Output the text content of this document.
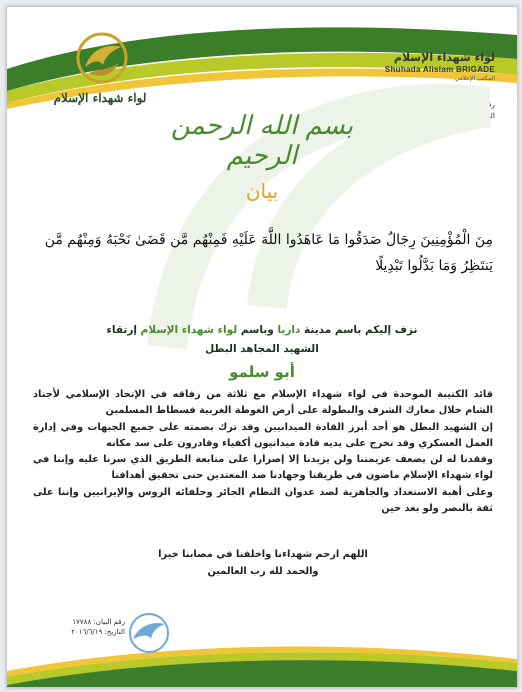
لواء شهداء الإسلام
لواء شهداء الإسلام
Shuhada Alislam BRIGADE
المكتب الإعلامي
رقم البيان : ١٧٧٨٨
التاريخ: ٢٠١٦/٦/١٩
بسم الله الرحمن الرحيم
بيان
مِنَ الْمُؤْمِنِينَ رِجَالٌ صَدَقُوا مَا عَاهَدُوا اللَّهَ عَلَيْهِ فَمِنْهُم مَّن قَضَىٰ نَحْبَهُ وَمِنْهُم مَّن يَنتَظِرُ وَمَا بَدَّلُوا تَبْدِيلًا
نزف إليكم باسم مدينة داريا وباسم لواء شهداء الإسلام إرتقاء
الشهيد المجاهد البطل
أبو سلمو

قائد الكتيبة الموحدة في لواء شهداء الإسلام مع ثلاثة من رفاقه في الإتحاد الإسلامي لأجناد الشام خلال معارك الشرف والبطولة على أرض الغوطة الغربية فسطاط المسلمين

إن الشهيد البطل هو أحد أبرز القادة الميدانيين وقد ترك بصمته على جميع الجبهات وفي إدارة العمل العسكري وقد تخرج على يديه قادة ميدانيون أكفياء وقادرون على سد مكانه

وفقدنا له لن يضعف عزيمتنا ولن يزيدنا إلا إصرارا على متابعة الطريق الذي سرنا عليه وإننا في لواء شهداء الإسلام ماضون في طريقنا وجهادنا ضد المعتدين حتى تحقيق أهدافنا

وعلى أهبة الاستعداد والجاهزية لصد عدوان النظام الجائر وحلفائه الروس والإيرانيين وإننا على ثقة بالنصر ولو بعد حين

اللهم ارحم شهداءنا واخلفنا في مصابنا خيرا
والحمد لله رب العالمين
رقم البيان: ١٧٧٨٨
التاريخ: ٢٠١٦/٦/١٩
